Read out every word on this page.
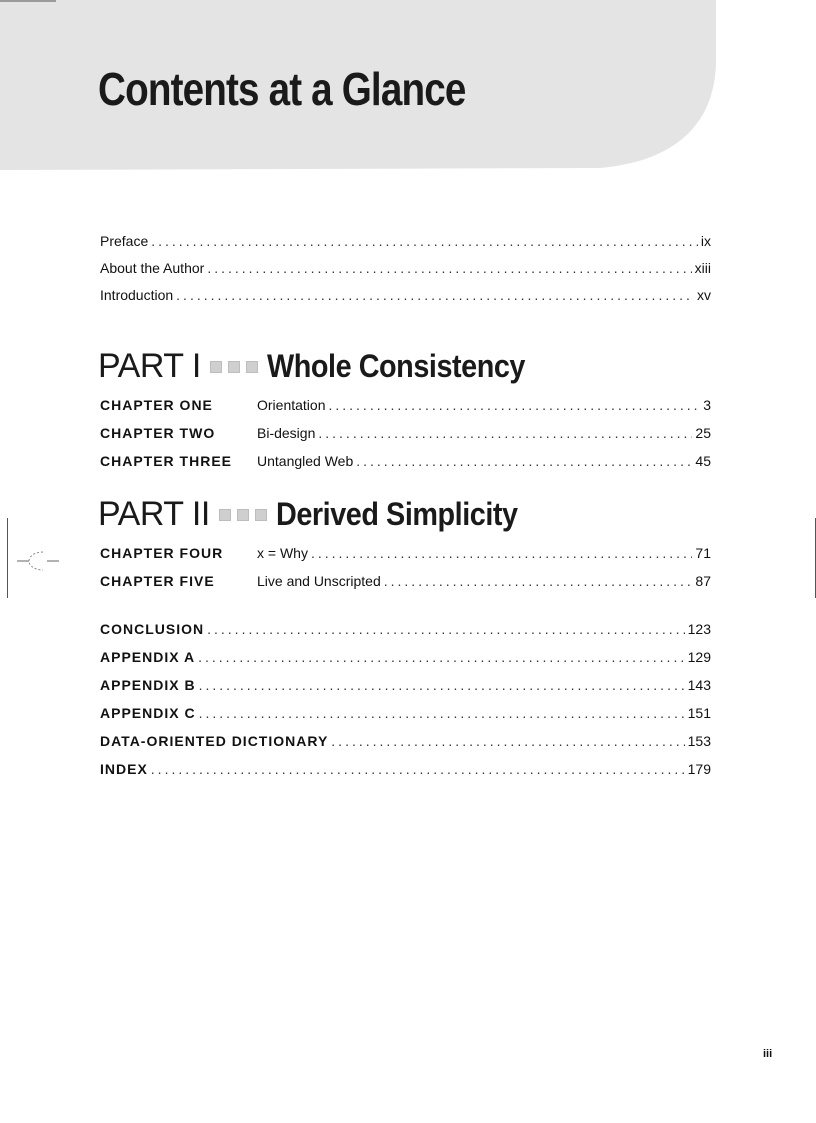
Contents at a Glance
Preface .....	ix
About the Author .....	xiii
Introduction .....	xv
PART I Whole Consistency
CHAPTER ONE	Orientation .....	3
CHAPTER TWO	Bi-design .....	25
CHAPTER THREE	Untangled Web .....	45
PART II Derived Simplicity
CHAPTER FOUR	x = Why .....	71
CHAPTER FIVE	Live and Unscripted .....	87
CONCLUSION .....	123
APPENDIX A .....	129
APPENDIX B .....	143
APPENDIX C .....	151
DATA-ORIENTED DICTIONARY .....	153
INDEX .....	179
iii
